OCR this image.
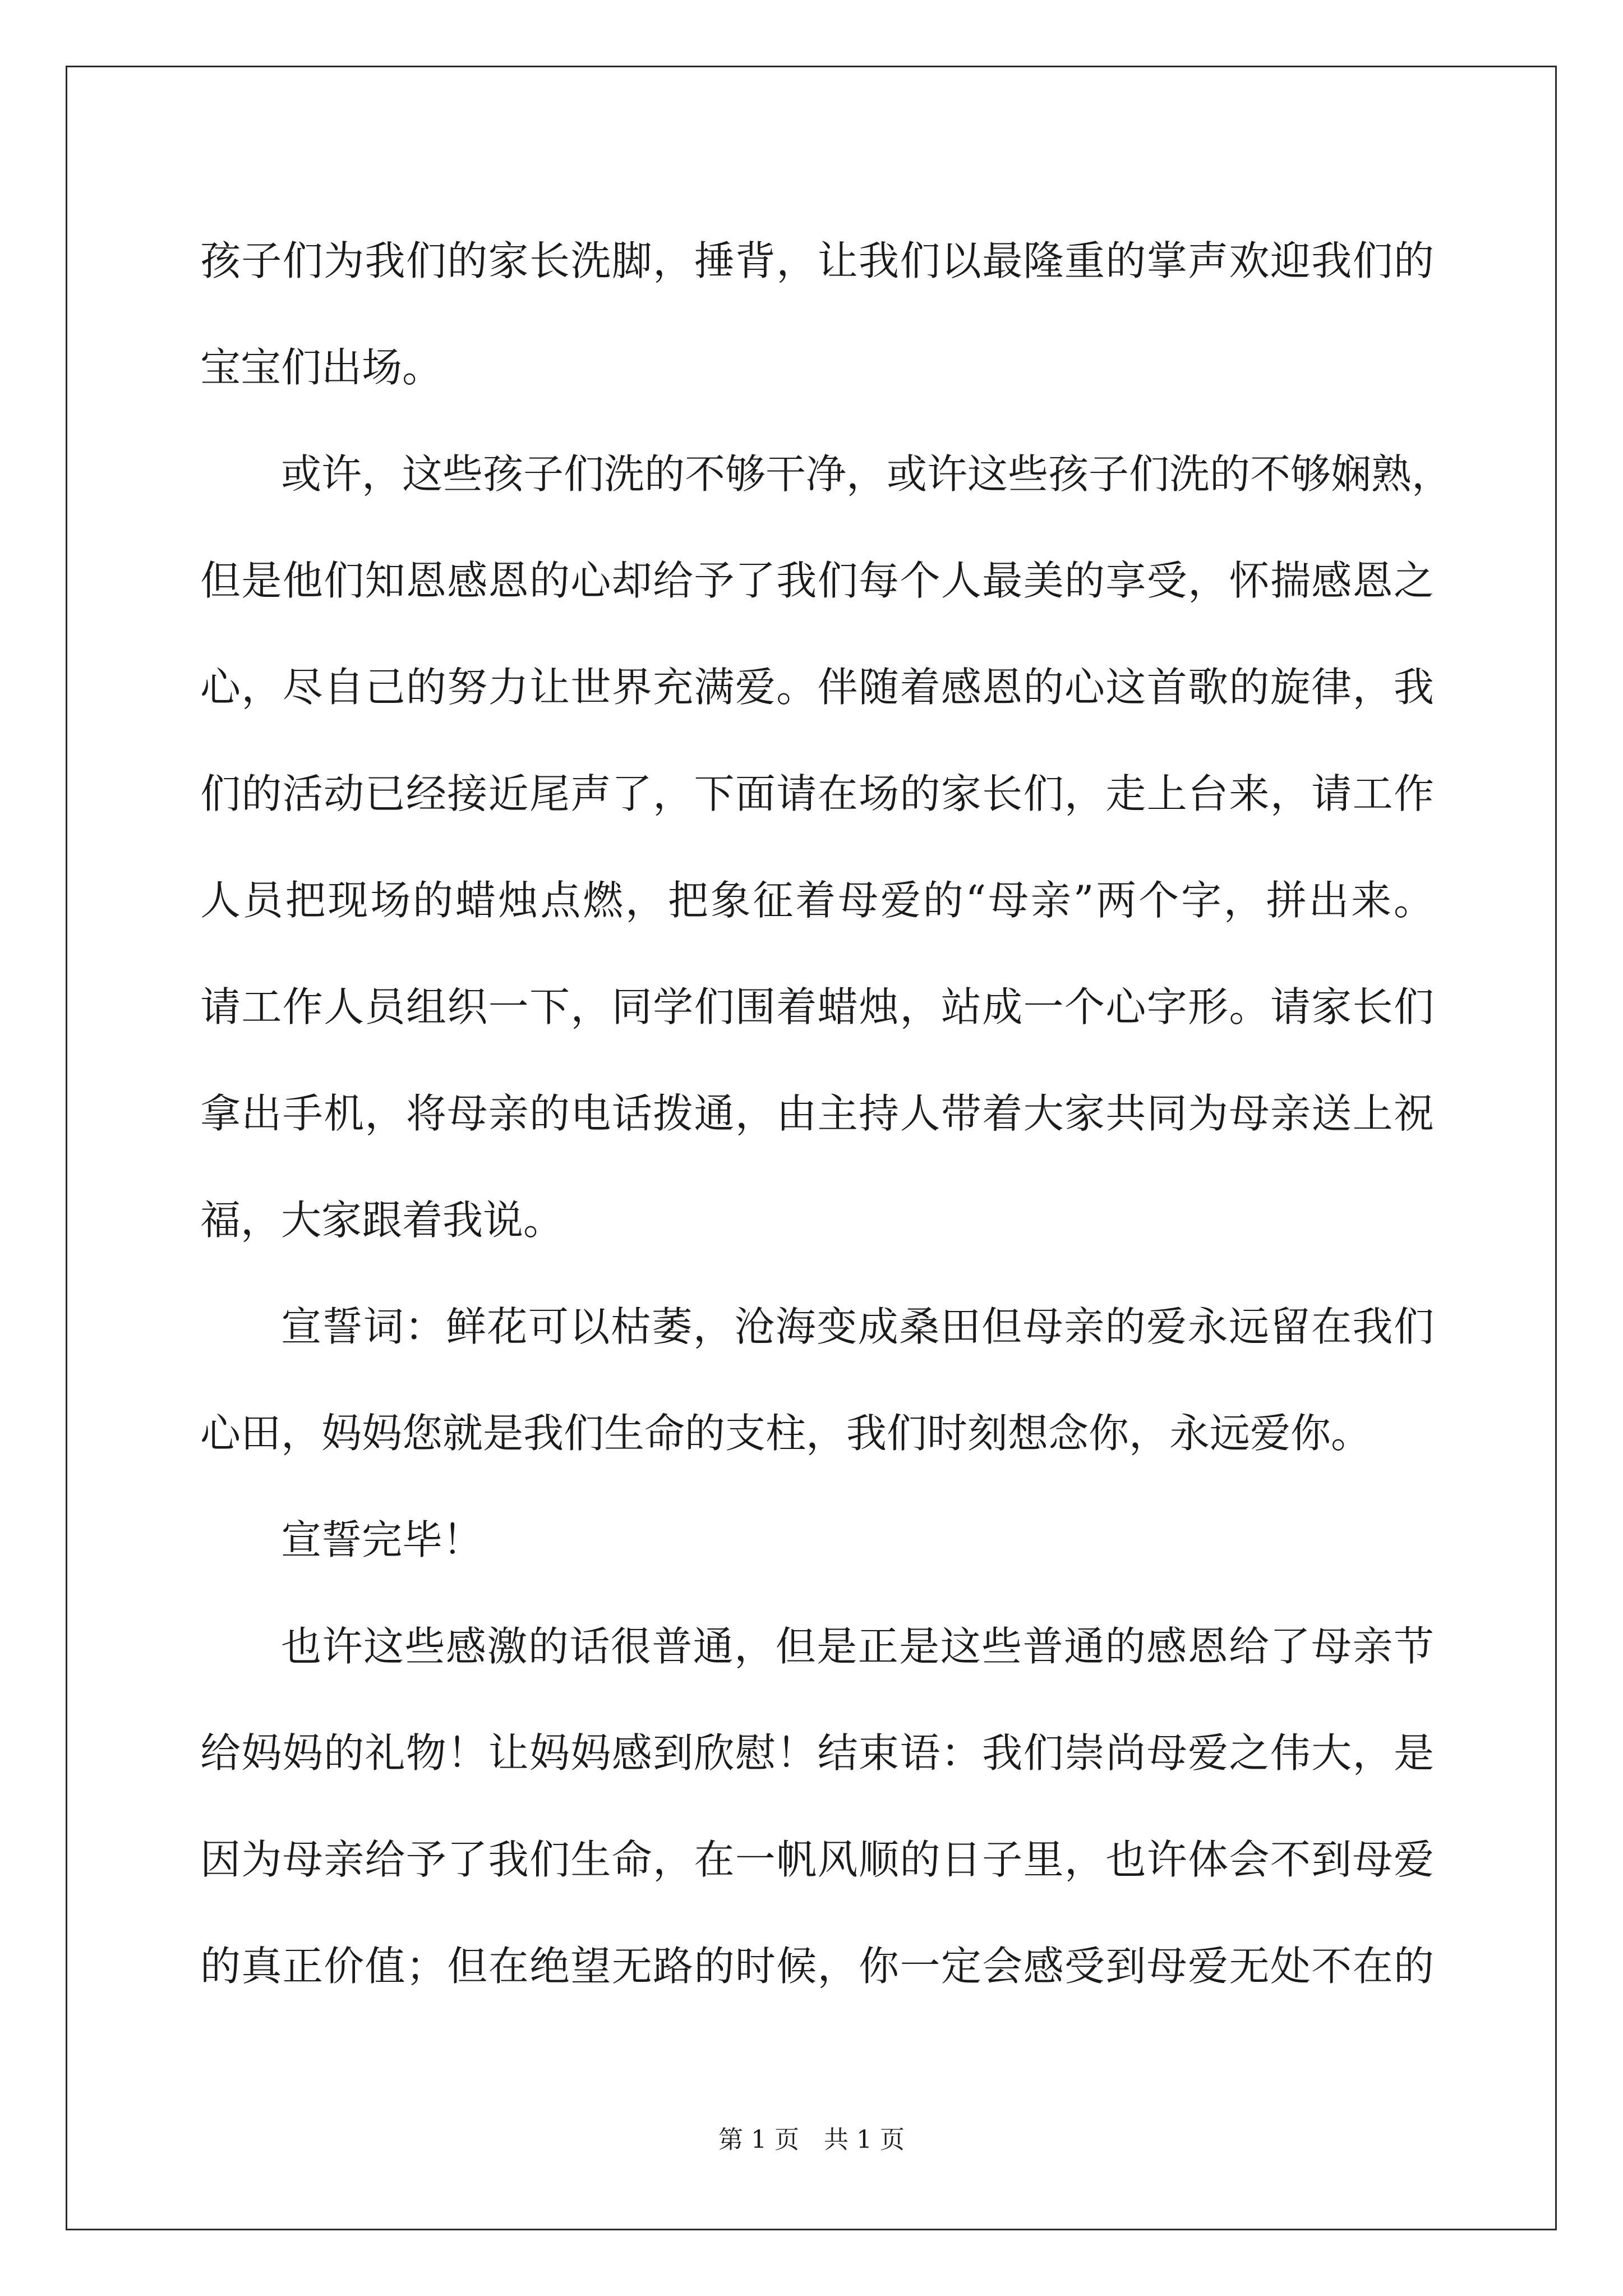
孩子们为我们的家长洗脚，捶背，让我们以最隆重的掌声欢迎我们的
宝宝们出场。
或许，这些孩子们洗的不够干净，或许这些孩子们洗的不够娴熟，
但是他们知恩感恩的心却给予了我们每个人最美的享受，怀揣感恩之
心，尽自己的努力让世界充满爱。伴随着感恩的心这首歌的旋律，我
们的活动已经接近尾声了，下面请在场的家长们，走上台来，请工作
人员把现场的蜡烛点燃，把象征着母爱的“母亲”两个字，拼出来。
请工作人员组织一下，同学们围着蜡烛，站成一个心字形。请家长们
拿出手机，将母亲的电话拨通，由主持人带着大家共同为母亲送上祝
福，大家跟着我说。
宣誓词：鲜花可以枯萎，沧海变成桑田但母亲的爱永远留在我们
心田，妈妈您就是我们生命的支柱，我们时刻想念你，永远爱你。
宣誓完毕！
也许这些感激的话很普通，但是正是这些普通的感恩给了母亲节
给妈妈的礼物！让妈妈感到欣慰！结束语：我们崇尚母爱之伟大，是
因为母亲给予了我们生命，在一帆风顺的日子里，也许体会不到母爱
的真正价值；但在绝望无路的时候，你一定会感受到母爱无处不在的
第 1 页　共 1 页
